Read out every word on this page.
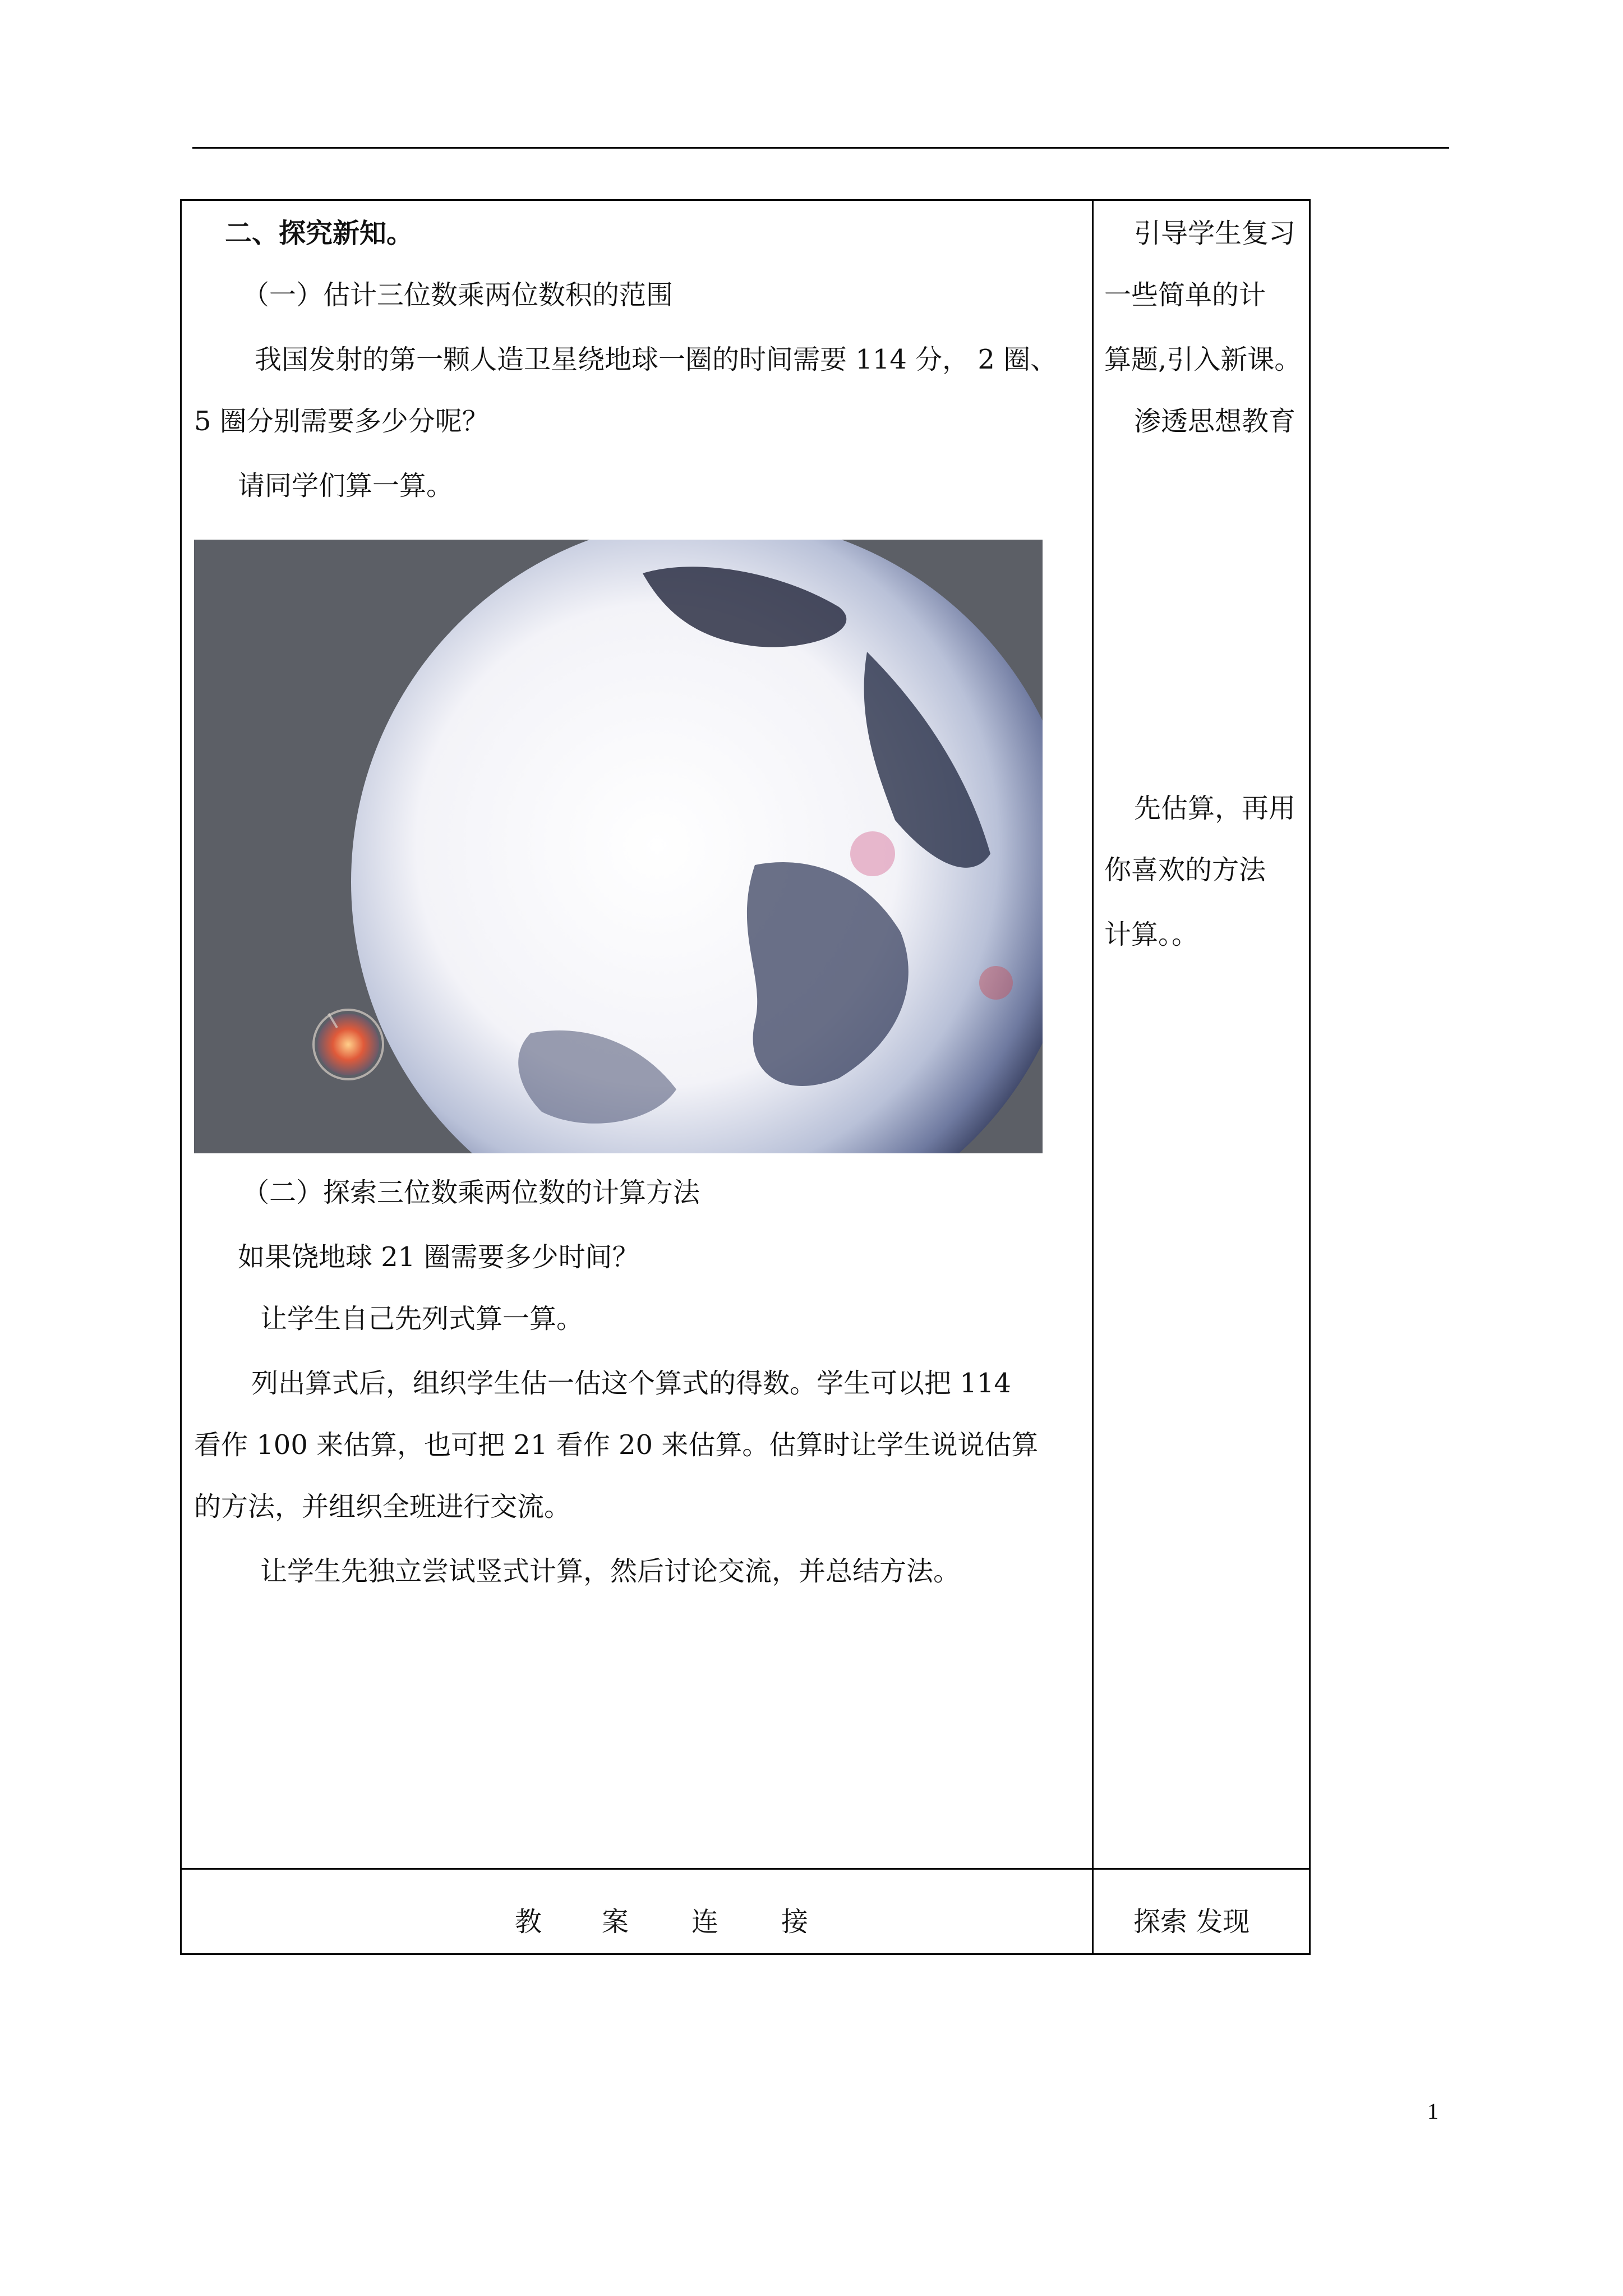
二、探究新知。
（一）估计三位数乘两位数积的范围
我国发射的第一颗人造卫星绕地球一圈的时间需要 114 分， 2 圈、
5 圈分别需要多少分呢？
请同学们算一算。
（二）探索三位数乘两位数的计算方法
如果饶地球 21 圈需要多少时间？
让学生自己先列式算一算。
列出算式后，组织学生估一估这个算式的得数。学生可以把 114
看作 100 来估算，也可把 21 看作 20 来估算。估算时让学生说说估算
的方法，并组织全班进行交流。
让学生先独立尝试竖式计算，然后讨论交流，并总结方法。
引导学生复习
一些简单的计
算题,引入新课。
渗透思想教育
先估算，再用
你喜欢的方法
计算。。
教 案 连 接	探索 发现
1
